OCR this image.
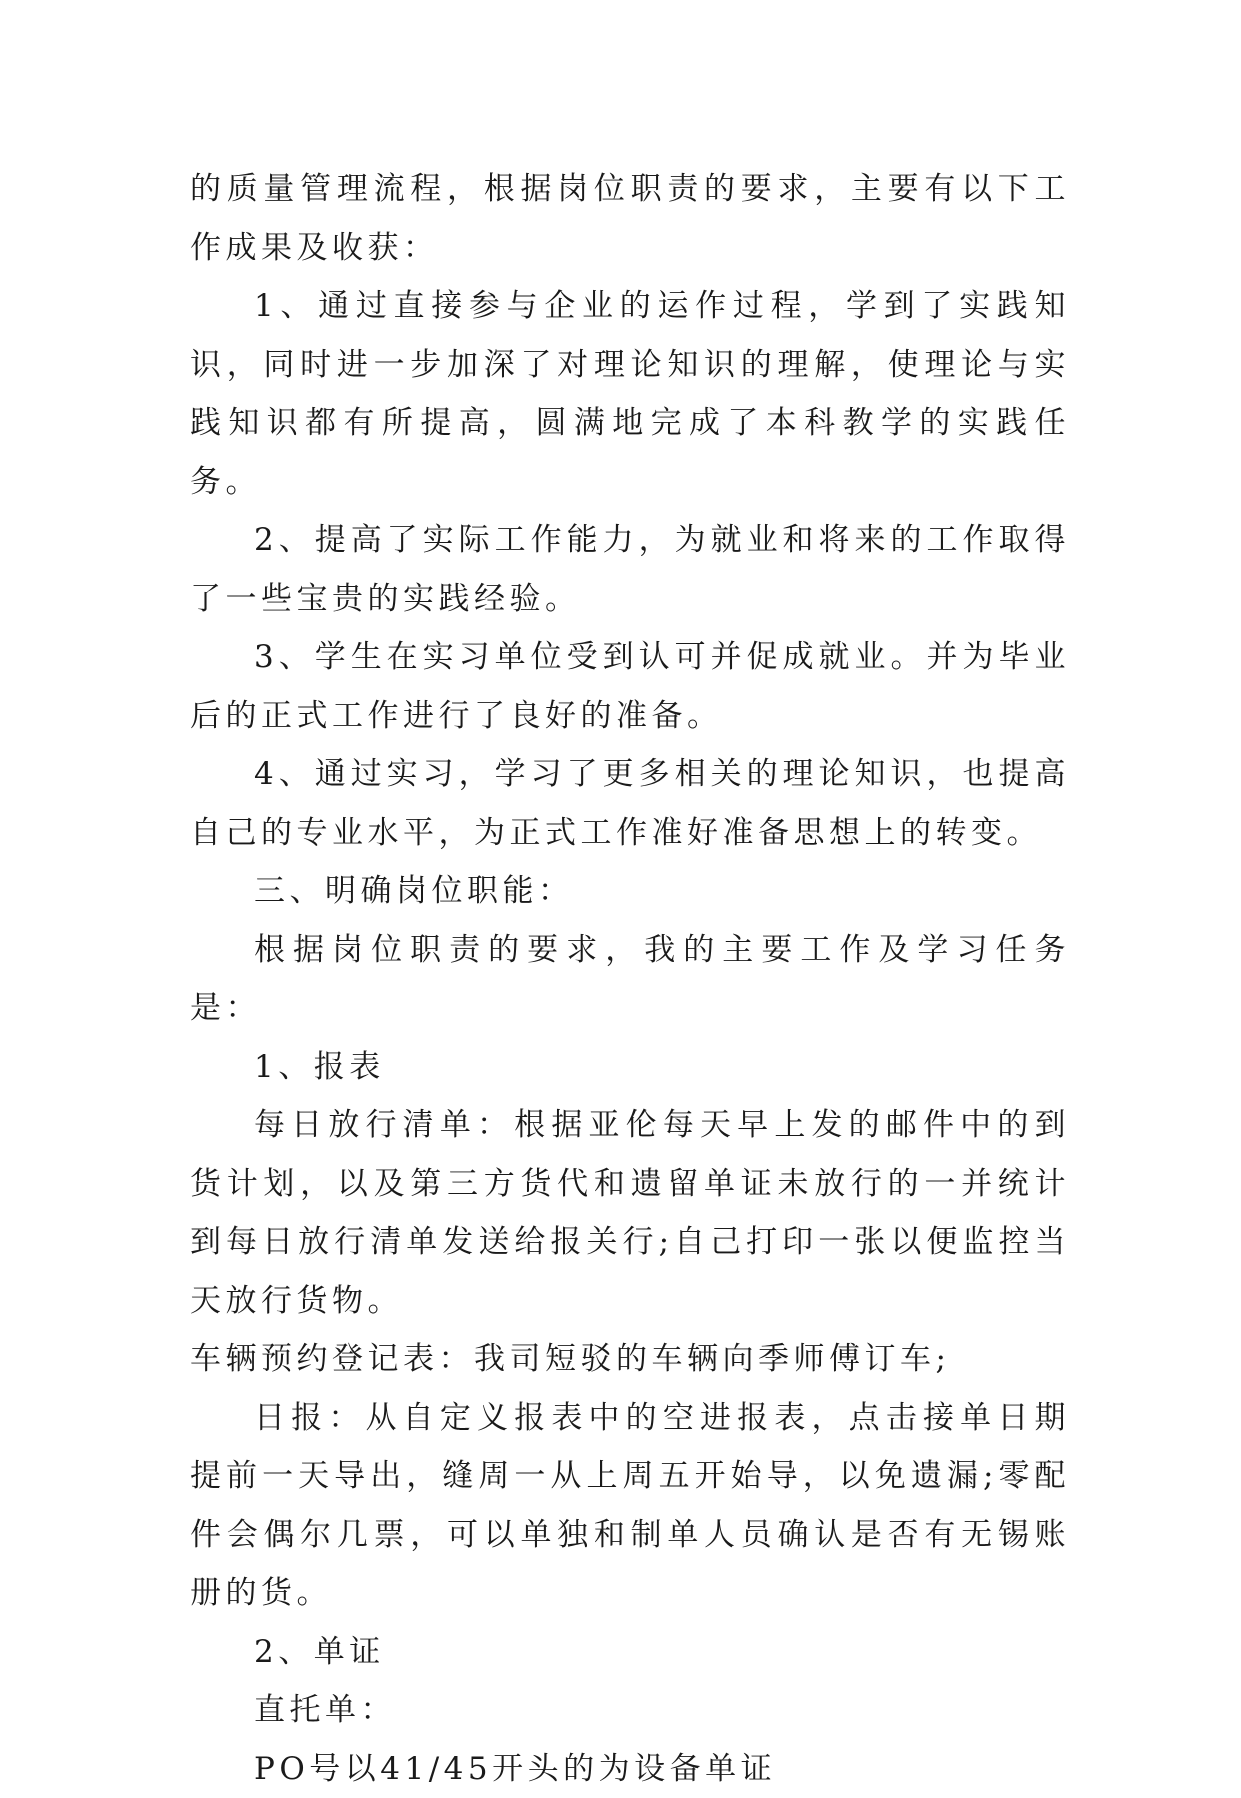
的质量管理流程，根据岗位职责的要求，主要有以下工作成果及收获：

1、通过直接参与企业的运作过程，学到了实践知识，同时进一步加深了对理论知识的理解，使理论与实践知识都有所提高，圆满地完成了本科教学的实践任务。

2、提高了实际工作能力，为就业和将来的工作取得了一些宝贵的实践经验。

3、学生在实习单位受到认可并促成就业。并为毕业后的正式工作进行了良好的准备。

4、通过实习，学习了更多相关的理论知识，也提高自己的专业水平，为正式工作准好准备思想上的转变。

三、明确岗位职能：

根据岗位职责的要求，我的主要工作及学习任务是：

1、报表

每日放行清单：根据亚伦每天早上发的邮件中的到货计划，以及第三方货代和遗留单证未放行的一并统计到每日放行清单发送给报关行;自己打印一张以便监控当天放行货物。

车辆预约登记表：我司短驳的车辆向季师傅订车;

日报：从自定义报表中的空进报表，点击接单日期提前一天导出，缝周一从上周五开始导，以免遗漏;零配件会偶尔几票，可以单独和制单人员确认是否有无锡账册的货。

2、单证

直托单：

PO号以41/45开头的为设备单证
